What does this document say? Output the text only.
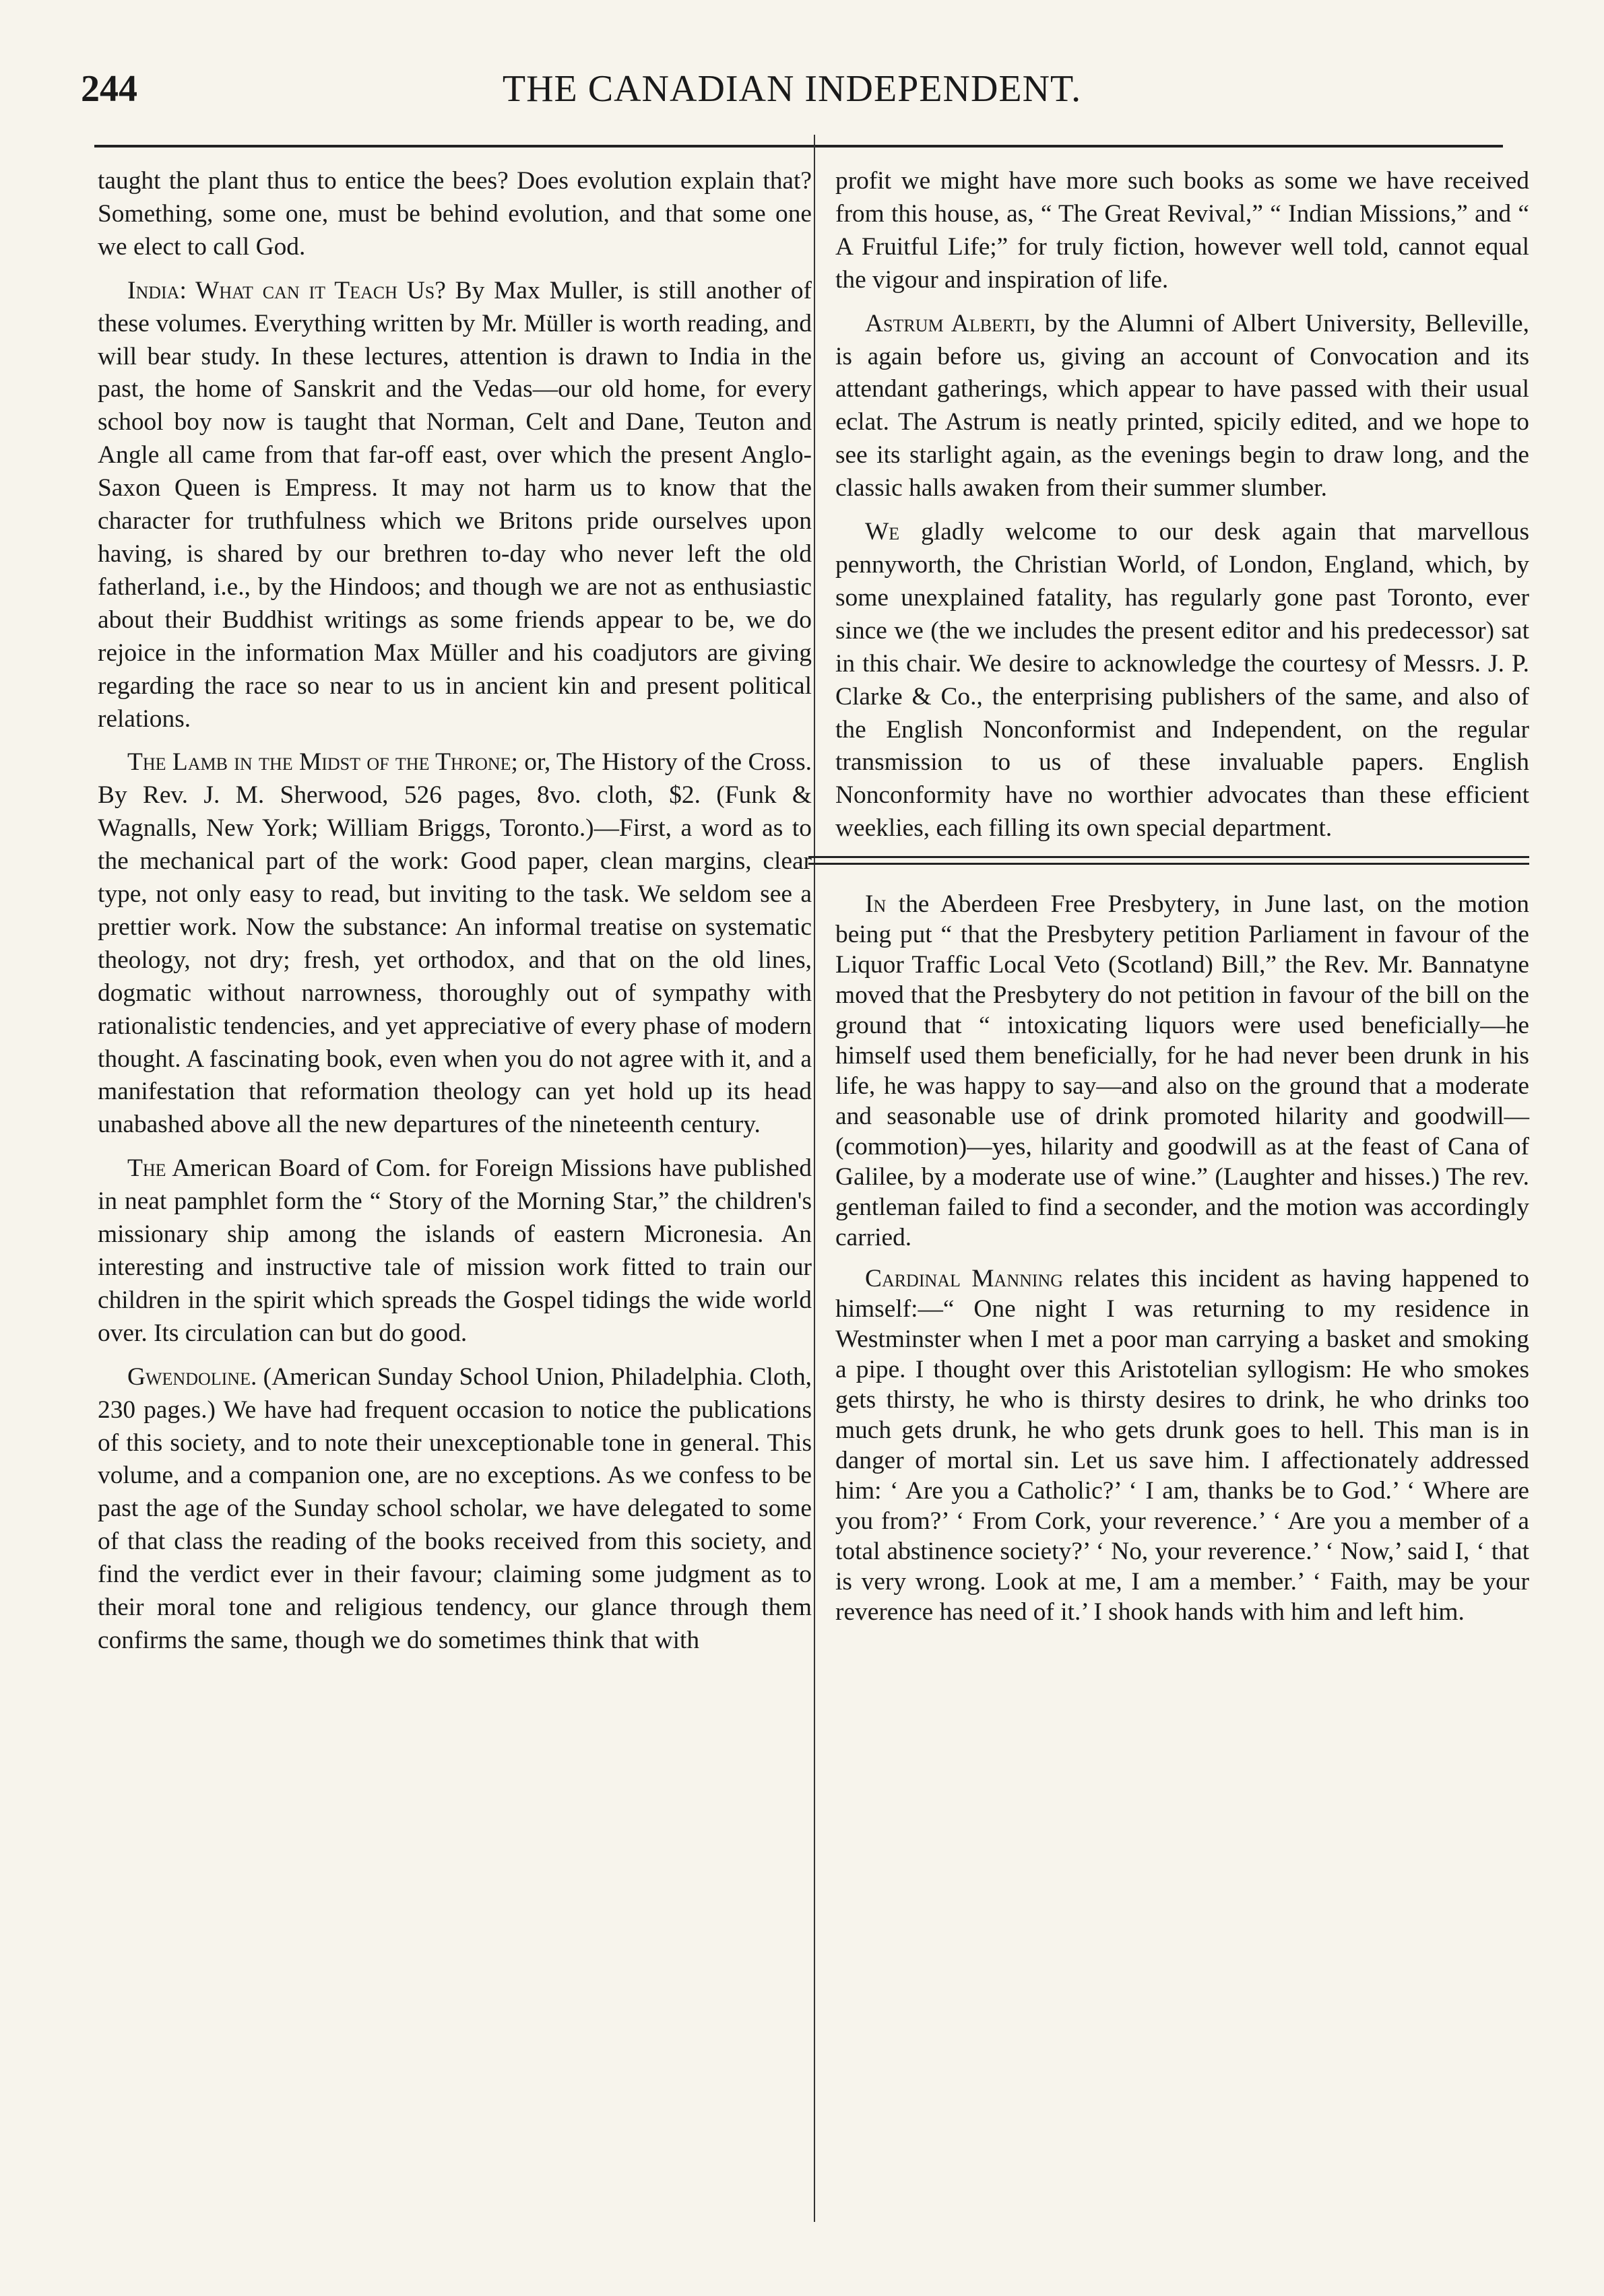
244	THE CANADIAN INDEPENDENT.

taught the plant thus to entice the bees? Does evolution explain that? Something, some one, must be behind evolution, and that some one we elect to call God.

India: What can it Teach Us? By Max Muller, is still another of these volumes. Everything written by Mr. Müller is worth reading, and will bear study. In these lectures, attention is drawn to India in the past, the home of Sanskrit and the Vedas—our old home, for every school boy now is taught that Norman, Celt and Dane, Teuton and Angle all came from that far-off east, over which the present Anglo-Saxon Queen is Empress. It may not harm us to know that the character for truthfulness which we Britons pride ourselves upon having, is shared by our brethren to-day who never left the old fatherland, i.e., by the Hindoos; and though we are not as enthusiastic about their Buddhist writings as some friends appear to be, we do rejoice in the information Max Müller and his coadjutors are giving regarding the race so near to us in ancient kin and present political relations.

The Lamb in the Midst of the Throne; or, The History of the Cross. By Rev. J. M. Sherwood, 526 pages, 8vo. cloth, $2. (Funk & Wagnalls, New York; William Briggs, Toronto.)—First, a word as to the mechanical part of the work: Good paper, clean margins, clear type, not only easy to read, but inviting to the task. We seldom see a prettier work. Now the substance: An informal treatise on systematic theology, not dry; fresh, yet orthodox, and that on the old lines, dogmatic without narrowness, thoroughly out of sympathy with rationalistic tendencies, and yet appreciative of every phase of modern thought. A fascinating book, even when you do not agree with it, and a manifestation that reformation theology can yet hold up its head unabashed above all the new departures of the nineteenth century.

The American Board of Com. for Foreign Missions have published in neat pamphlet form the “ Story of the Morning Star,” the children's missionary ship among the islands of eastern Micronesia. An interesting and instructive tale of mission work fitted to train our children in the spirit which spreads the Gospel tidings the wide world over. Its circulation can but do good.

Gwendoline. (American Sunday School Union, Philadelphia. Cloth, 230 pages.) We have had frequent occasion to notice the publications of this society, and to note their unexceptionable tone in general. This volume, and a companion one, are no exceptions. As we confess to be past the age of the Sunday school scholar, we have delegated to some of that class the reading of the books received from this society, and find the verdict ever in their favour; claiming some judgment as to their moral tone and religious tendency, our glance through them confirms the same, though we do sometimes think that with

profit we might have more such books as some we have received from this house, as, “ The Great Revival,” “ Indian Missions,” and “ A Fruitful Life;” for truly fiction, however well told, cannot equal the vigour and inspiration of life.

Astrum Alberti, by the Alumni of Albert University, Belleville, is again before us, giving an account of Convocation and its attendant gatherings, which appear to have passed with their usual eclat. The Astrum is neatly printed, spicily edited, and we hope to see its starlight again, as the evenings begin to draw long, and the classic halls awaken from their summer slumber.

We gladly welcome to our desk again that marvellous pennyworth, the Christian World, of London, England, which, by some unexplained fatality, has regularly gone past Toronto, ever since we (the we includes the present editor and his predecessor) sat in this chair. We desire to acknowledge the courtesy of Messrs. J. P. Clarke & Co., the enterprising publishers of the same, and also of the English Nonconformist and Independent, on the regular transmission to us of these invaluable papers. English Nonconformity have no worthier advocates than these efficient weeklies, each filling its own special department.

In the Aberdeen Free Presbytery, in June last, on the motion being put “ that the Presbytery petition Parliament in favour of the Liquor Traffic Local Veto (Scotland) Bill,” the Rev. Mr. Bannatyne moved that the Presbytery do not petition in favour of the bill on the ground that “ intoxicating liquors were used beneficially—he himself used them beneficially, for he had never been drunk in his life, he was happy to say—and also on the ground that a moderate and seasonable use of drink promoted hilarity and goodwill—(commotion)—yes, hilarity and goodwill as at the feast of Cana of Galilee, by a moderate use of wine.” (Laughter and hisses.) The rev. gentleman failed to find a seconder, and the motion was accordingly carried.

Cardinal Manning relates this incident as having happened to himself:—“ One night I was returning to my residence in Westminster when I met a poor man carrying a basket and smoking a pipe. I thought over this Aristotelian syllogism: He who smokes gets thirsty, he who is thirsty desires to drink, he who drinks too much gets drunk, he who gets drunk goes to hell. This man is in danger of mortal sin. Let us save him. I affectionately addressed him: ‘ Are you a Catholic?’ ‘ I am, thanks be to God.’ ‘ Where are you from?’ ‘ From Cork, your reverence.’ ‘ Are you a member of a total abstinence society?’ ‘ No, your reverence.’ ‘ Now,’ said I, ‘ that is very wrong. Look at me, I am a member.’ ‘ Faith, may be your reverence has need of it.’ I shook hands with him and left him.
